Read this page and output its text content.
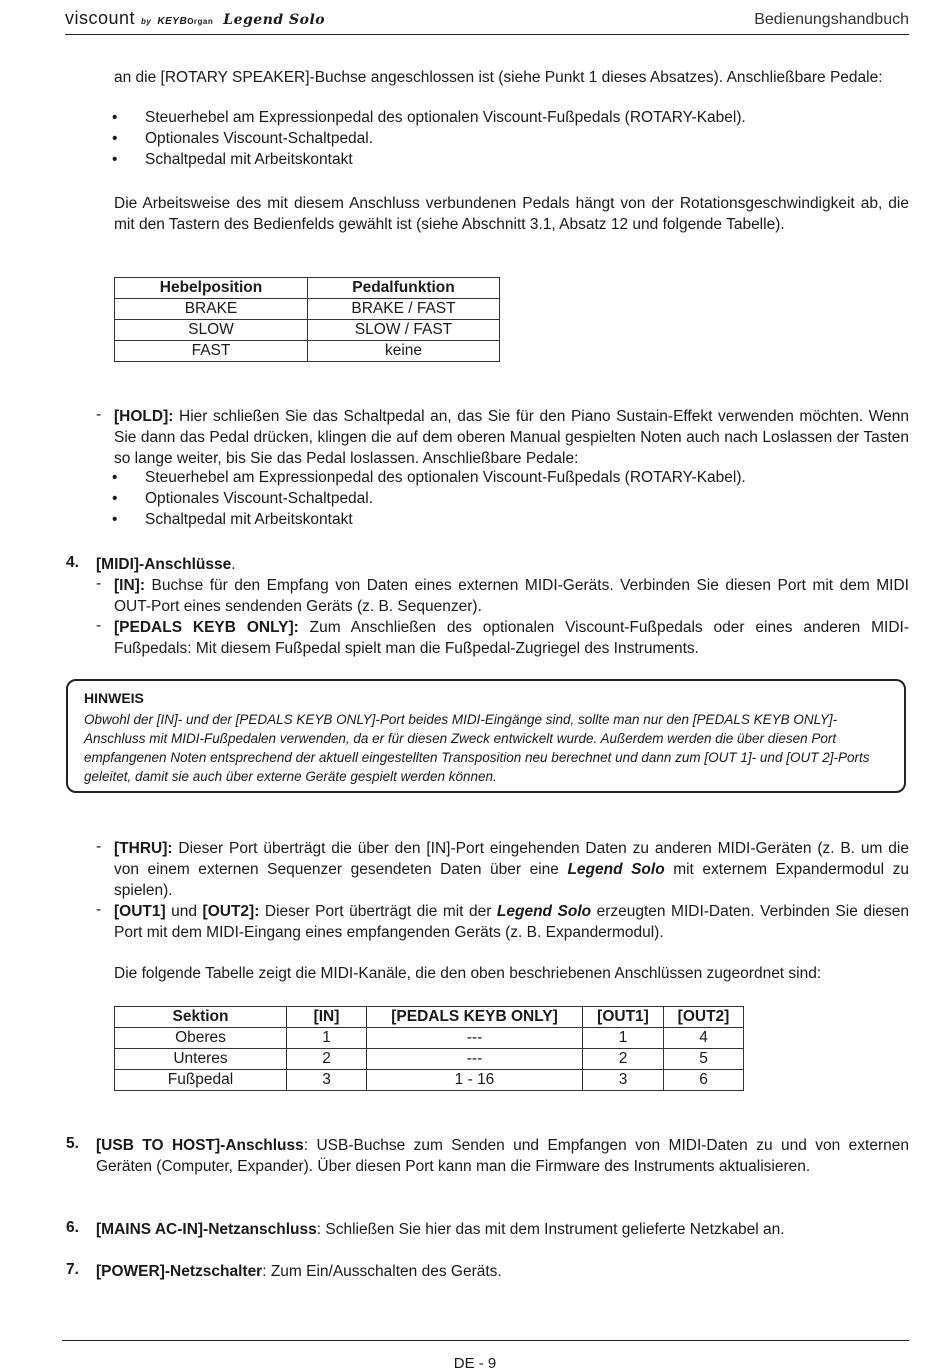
viscount by KEYBOrgan Legend Solo	Bedienungshandbuch
an die [ROTARY SPEAKER]-Buchse angeschlossen ist (siehe Punkt 1 dieses Absatzes). Anschließbare Pedale:
Steuerhebel am Expressionpedal des optionalen Viscount-Fußpedals (ROTARY-Kabel).
Optionales Viscount-Schaltpedal.
Schaltpedal mit Arbeitskontakt
Die Arbeitsweise des mit diesem Anschluss verbundenen Pedals hängt von der Rotationsgeschwindigkeit ab, die mit den Tastern des Bedienfelds gewählt ist (siehe Abschnitt 3.1, Absatz 12 und folgende Tabelle).
Hebelposition	Pedalfunktion
BRAKE	BRAKE / FAST
SLOW	SLOW / FAST
FAST	keine
- [HOLD]: Hier schließen Sie das Schaltpedal an, das Sie für den Piano Sustain-Effekt verwenden möchten. Wenn Sie dann das Pedal drücken, klingen die auf dem oberen Manual gespielten Noten auch nach Loslassen der Tasten so lange weiter, bis Sie das Pedal loslassen. Anschließbare Pedale:
Steuerhebel am Expressionpedal des optionalen Viscount-Fußpedals (ROTARY-Kabel).
Optionales Viscount-Schaltpedal.
Schaltpedal mit Arbeitskontakt
4. [MIDI]-Anschlüsse.
- [IN]: Buchse für den Empfang von Daten eines externen MIDI-Geräts. Verbinden Sie diesen Port mit dem MIDI OUT-Port eines sendenden Geräts (z. B. Sequenzer).
- [PEDALS KEYB ONLY]: Zum Anschließen des optionalen Viscount-Fußpedals oder eines anderen MIDI-Fußpedals: Mit diesem Fußpedal spielt man die Fußpedal-Zugriegel des Instruments.
HINWEIS
Obwohl der [IN]- und der [PEDALS KEYB ONLY]-Port beides MIDI-Eingänge sind, sollte man nur den [PEDALS KEYB ONLY]-Anschluss mit MIDI-Fußpedalen verwenden, da er für diesen Zweck entwickelt wurde. Außerdem werden die über diesen Port empfangenen Noten entsprechend der aktuell eingestellten Transposition neu berechnet und dann zum [OUT 1]- und [OUT 2]-Ports geleitet, damit sie auch über externe Geräte gespielt werden können.
- [THRU]: Dieser Port überträgt die über den [IN]-Port eingehenden Daten zu anderen MIDI-Geräten (z. B. um die von einem externen Sequenzer gesendeten Daten über eine Legend Solo mit externem Expandermodul zu spielen).
- [OUT1] und [OUT2]: Dieser Port überträgt die mit der Legend Solo erzeugten MIDI-Daten. Verbinden Sie diesen Port mit dem MIDI-Eingang eines empfangenden Geräts (z. B. Expandermodul).
Die folgende Tabelle zeigt die MIDI-Kanäle, die den oben beschriebenen Anschlüssen zugeordnet sind:
Sektion	[IN]	[PEDALS KEYB ONLY]	[OUT1]	[OUT2]
Oberes	1	---	1	4
Unteres	2	---	2	5
Fußpedal	3	1 - 16	3	6
5. [USB TO HOST]-Anschluss: USB-Buchse zum Senden und Empfangen von MIDI-Daten zu und von externen Geräten (Computer, Expander). Über diesen Port kann man die Firmware des Instruments aktualisieren.
6. [MAINS AC-IN]-Netzanschluss: Schließen Sie hier das mit dem Instrument gelieferte Netzkabel an.
7. [POWER]-Netzschalter: Zum Ein/Ausschalten des Geräts.
DE - 9
